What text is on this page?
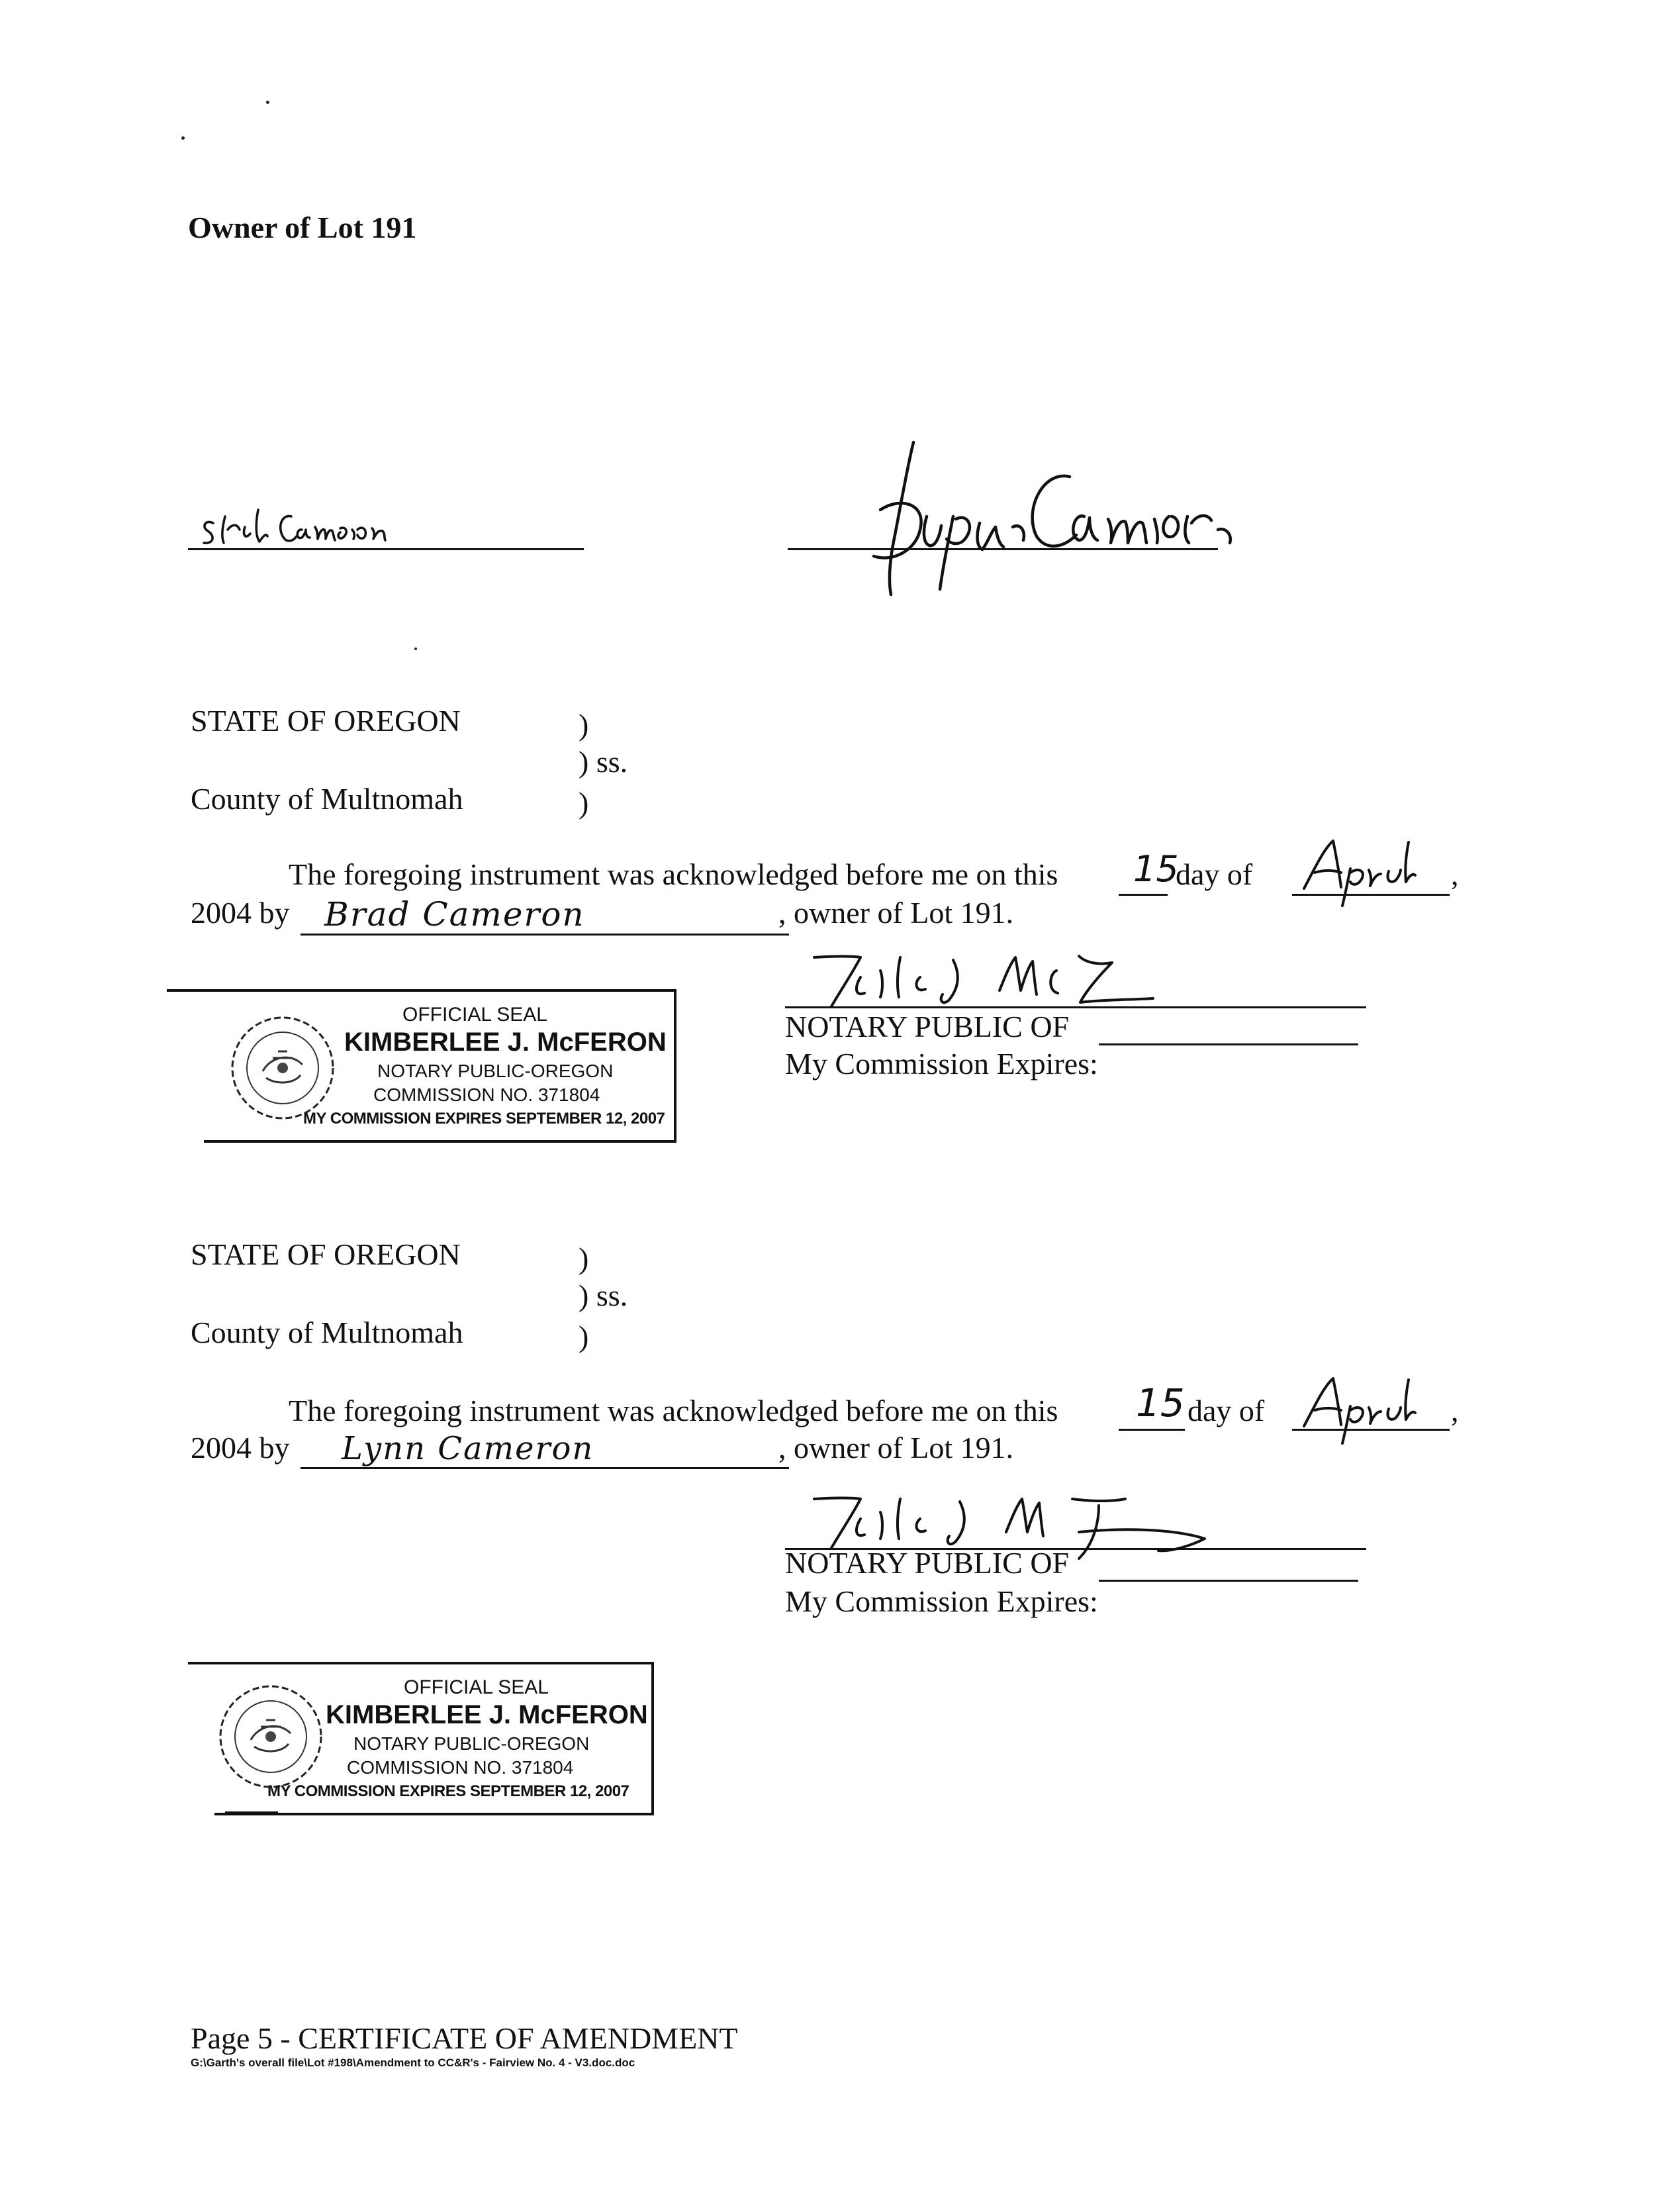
Owner of Lot 191
STATE OF OREGON	)
) ss.
County of Multnomah	)
The foregoing instrument was acknowledged before me on this 15
day of	,
2004 by Brad Cameron	, owner of Lot 191.
NOTARY PUBLIC OF
My Commission Expires:
OFFICIAL SEAL
KIMBERLEE J. McFERON
NOTARY PUBLIC-OREGON
COMMISSION NO. 371804
MY COMMISSION EXPIRES SEPTEMBER 12, 2007
STATE OF OREGON	)
) ss.
County of Multnomah	)
The foregoing instrument was acknowledged before me on this 15 day of	,
2004 by Lynn Cameron	, owner of Lot 191.
NOTARY PUBLIC OF
My Commission Expires:
OFFICIAL SEAL
KIMBERLEE J. McFERON
NOTARY PUBLIC-OREGON
COMMISSION NO. 371804
MY COMMISSION EXPIRES SEPTEMBER 12, 2007
Page 5 - CERTIFICATE OF AMENDMENT
G:\Garth's overall file\Lot #198\Amendment to CC&R's - Fairview No. 4 - V3.doc.doc
